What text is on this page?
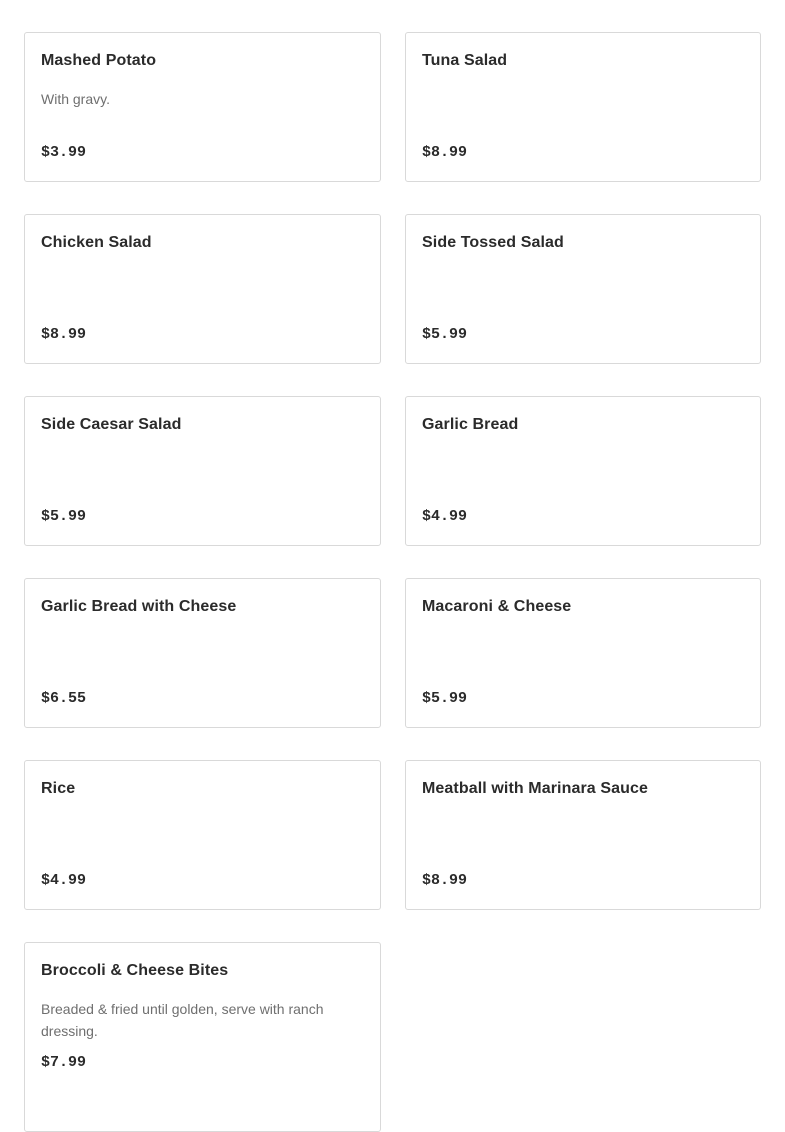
Mashed Potato

With gravy.

$3.99

Tuna Salad

$8.99

Chicken Salad

$8.99

Side Tossed Salad

$5.99

Side Caesar Salad

$5.99

Garlic Bread

$4.99

Garlic Bread with Cheese

$6.55

Macaroni & Cheese

$5.99

Rice

$4.99

Meatball with Marinara Sauce

$8.99

Broccoli & Cheese Bites

Breaded & fried until golden, serve with ranch dressing.

$7.99
